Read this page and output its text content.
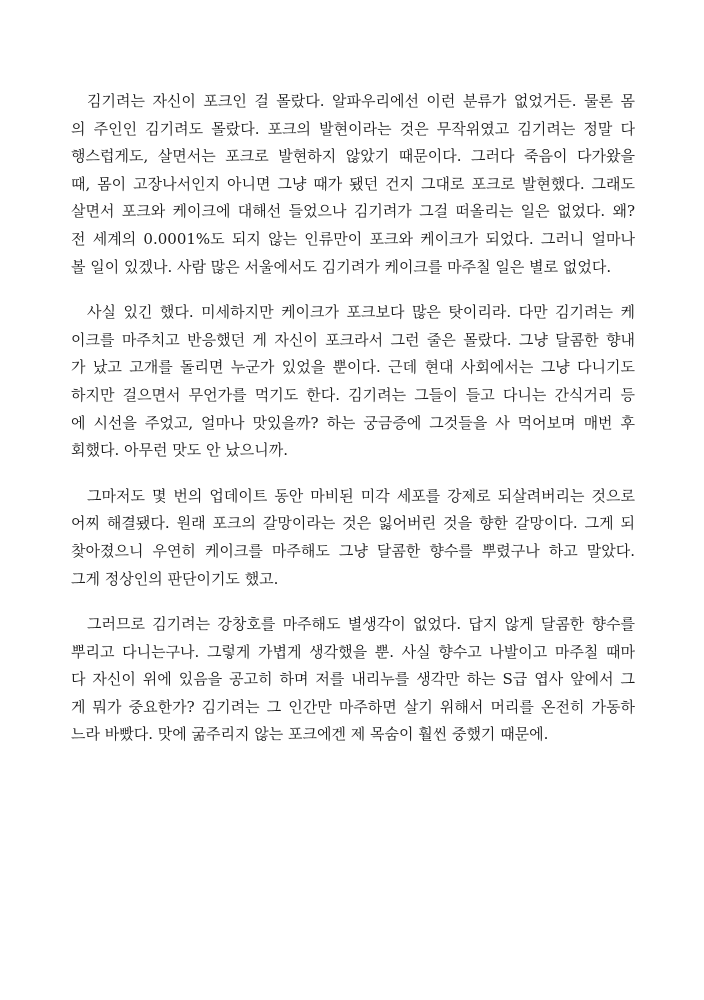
김기려는 자신이 포크인 걸 몰랐다. 알파우리에선 이런 분류가 없었거든. 물론 몸
의 주인인 김기려도 몰랐다. 포크의 발현이라는 것은 무작위였고 김기려는 정말 다
행스럽게도, 살면서는 포크로 발현하지 않았기 때문이다. 그러다 죽음이 다가왔을
때, 몸이 고장나서인지 아니면 그냥 때가 됐던 건지 그대로 포크로 발현했다. 그래도
살면서 포크와 케이크에 대해선 들었으나 김기려가 그걸 떠올리는 일은 없었다. 왜?
전 세계의 0.0001%도 되지 않는 인류만이 포크와 케이크가 되었다. 그러니 얼마나
볼 일이 있겠나. 사람 많은 서울에서도 김기려가 케이크를 마주칠 일은 별로 없었다.
사실 있긴 했다. 미세하지만 케이크가 포크보다 많은 탓이리라. 다만 김기려는 케
이크를 마주치고 반응했던 게 자신이 포크라서 그런 줄은 몰랐다. 그냥 달콤한 향내
가 났고 고개를 돌리면 누군가 있었을 뿐이다. 근데 현대 사회에서는 그냥 다니기도
하지만 걸으면서 무언가를 먹기도 한다. 김기려는 그들이 들고 다니는 간식거리 등
에 시선을 주었고, 얼마나 맛있을까? 하는 궁금증에 그것들을 사 먹어보며 매번 후
회했다. 아무런 맛도 안 났으니까.
그마저도 몇 번의 업데이트 동안 마비된 미각 세포를 강제로 되살려버리는 것으로
어찌 해결됐다. 원래 포크의 갈망이라는 것은 잃어버린 것을 향한 갈망이다. 그게 되
찾아졌으니 우연히 케이크를 마주해도 그냥 달콤한 향수를 뿌렸구나 하고 말았다.
그게 정상인의 판단이기도 했고.
그러므로 김기려는 강창호를 마주해도 별생각이 없었다. 답지 않게 달콤한 향수를
뿌리고 다니는구나. 그렇게 가볍게 생각했을 뿐. 사실 향수고 나발이고 마주칠 때마
다 자신이 위에 있음을 공고히 하며 저를 내리누를 생각만 하는 S급 엽사 앞에서 그
게 뭐가 중요한가? 김기려는 그 인간만 마주하면 살기 위해서 머리를 온전히 가동하
느라 바빴다. 맛에 굶주리지 않는 포크에겐 제 목숨이 훨씬 중했기 때문에.
